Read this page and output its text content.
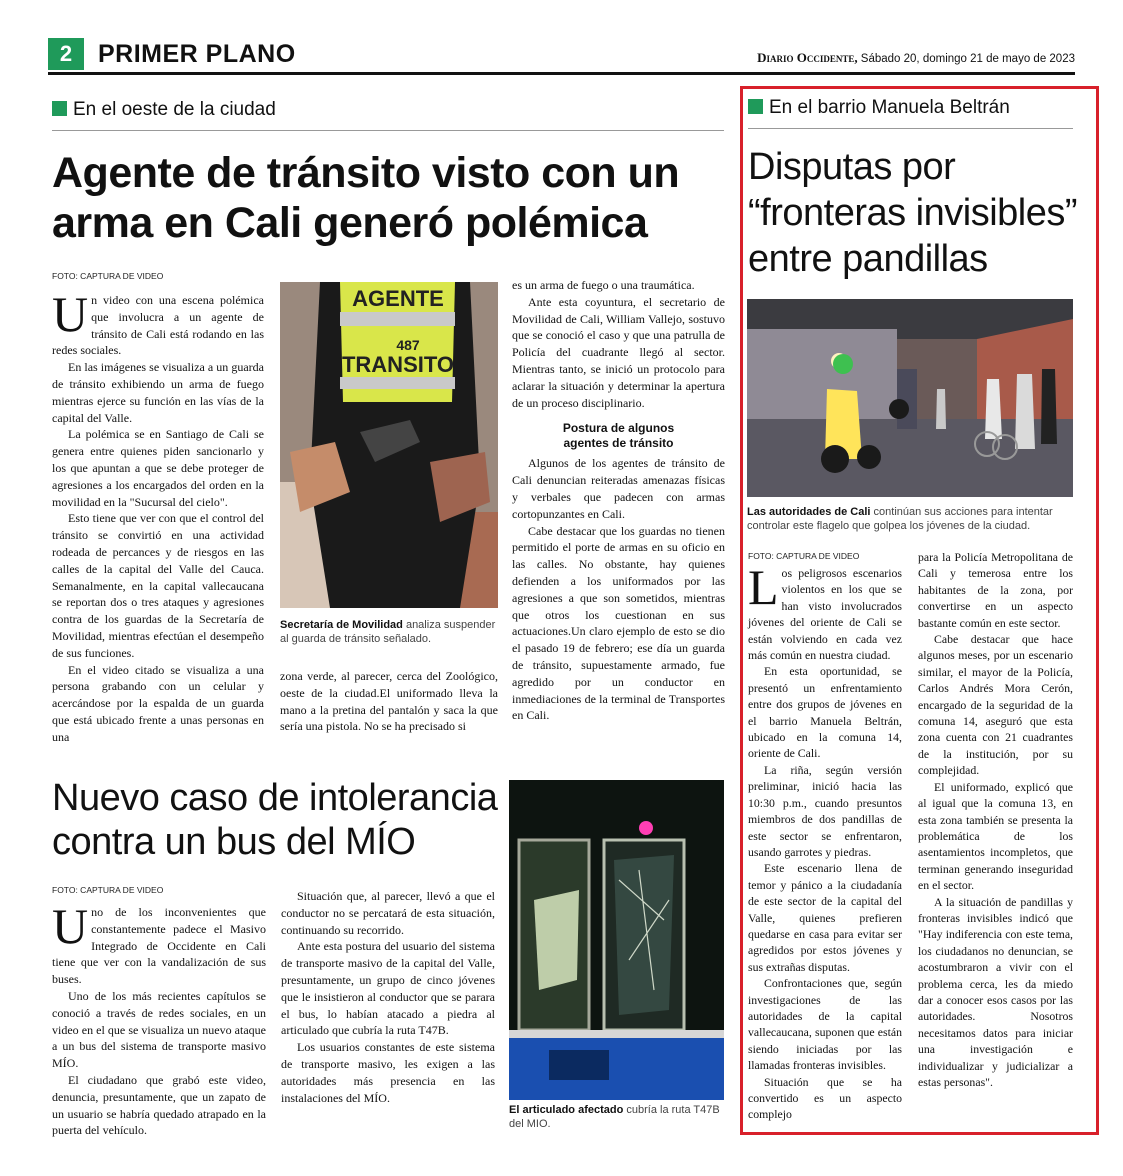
2	PRIMER PLANO	Diario Occidente, Sábado 20, domingo 21 de mayo de 2023
En el oeste de la ciudad
Agente de tránsito visto con un
arma en Cali generó polémica
FOTO: CAPTURA DE VIDEO

Un video con una escena polémica que involucra a un agente de tránsito de Cali está rodando en las redes sociales.

En las imágenes se visualiza a un guarda de tránsito exhibiendo un arma de fuego mientras ejerce su función en las vías de la capital del Valle.

La polémica se en Santiago de Cali se genera entre quienes piden sancionarlo y los que apuntan a que se debe proteger de agresiones a los encargados del orden en la movilidad en la "Sucursal del cielo".

Esto tiene que ver con que el control del tránsito se convirtió en una actividad rodeada de percances y de riesgos en las calles de la capital del Valle del Cauca. Semanalmente, en la capital vallecaucana se reportan dos o tres ataques y agresiones contra de los guardas de la Secretaría de Movilidad, mientras efectúan el desempeño de sus funciones.

En el video citado se visualiza a una persona grabando con un celular y acercándose por la espalda de un guarda que está ubicado frente a unas personas en una

AGENTE
487
TRANSITO
Secretaría de Movilidad analiza suspender al guarda de tránsito señalado.

zona verde, al parecer, cerca del Zoológico, oeste de la ciudad.El uniformado lleva la mano a la pretina del pantalón y saca la que sería una pistola. No se ha precisado si

es un arma de fuego o una traumática.

Ante esta coyuntura, el secretario de Movilidad de Cali, William Vallejo, sostuvo que se conoció el caso y que una patrulla de Policía del cuadrante llegó al sector. Mientras tanto, se inició un protocolo para aclarar la situación y determinar la apertura de un proceso disciplinario.

Postura de algunos
agentes de tránsito

Algunos de los agentes de tránsito de Cali denuncian reiteradas amenazas físicas y verbales que padecen con armas cortopunzantes en Cali.

Cabe destacar que los guardas no tienen permitido el porte de armas en su oficio en las calles. No obstante, hay quienes defienden a los uniformados por las agresiones a que son sometidos, mientras que otros los cuestionan en sus actuaciones.Un claro ejemplo de esto se dio el pasado 19 de febrero; ese día un guarda de tránsito, supuestamente armado, fue agredido por un conductor en inmediaciones de la terminal de Transportes en Cali.

Nuevo caso de intolerancia
contra un bus del MÍO
FOTO: CAPTURA DE VIDEO

Uno de los inconvenientes que constantemente padece el Masivo Integrado de Occidente en Cali tiene que ver con la vandalización de sus buses.

Uno de los más recientes capítulos se conoció a través de redes sociales, en un video en el que se visualiza un nuevo ataque a un bus del sistema de transporte masivo MÍO.

El ciudadano que grabó este video, denuncia, presuntamente, que un zapato de un usuario se habría quedado atrapado en la puerta del vehículo.

Situación que, al parecer, llevó a que el conductor no se percatará de esta situación, continuando su recorrido.

Ante esta postura del usuario del sistema de transporte masivo de la capital del Valle, presuntamente, un grupo de cinco jóvenes que le insistieron al conductor que se parara el bus, lo habían atacado a piedra al articulado que cubría la ruta T47B.

Los usuarios constantes de este sistema de transporte masivo, les exigen a las autoridades más presencia en las instalaciones del MÍO.

El articulado afectado cubría la ruta T47B del MIO.
En el barrio Manuela Beltrán
Disputas por
“fronteras invisibles”
entre pandillas
Las autoridades de Cali continúan sus acciones para intentar controlar este flagelo que golpea los jóvenes de la ciudad.
FOTO: CAPTURA DE VIDEO

Los peligrosos escenarios violentos en los que se han visto involucrados jóvenes del oriente de Cali se están volviendo en cada vez más común en nuestra ciudad.

En esta oportunidad, se presentó un enfrentamiento entre dos grupos de jóvenes en el barrio Manuela Beltrán, ubicado en la comuna 14, oriente de Cali.

La riña, según versión preliminar, inició hacia las 10:30 p.m., cuando presuntos miembros de dos pandillas de este sector se enfrentaron, usando garrotes y piedras.

Este escenario llena de temor y pánico a la ciudadanía de este sector de la capital del Valle, quienes prefieren quedarse en casa para evitar ser agredidos por estos jóvenes y sus extrañas disputas.

Confrontaciones que, según investigaciones de las autoridades de la capital vallecaucana, suponen que están siendo iniciadas por las llamadas fronteras invisibles.

Situación que se ha convertido es un aspecto complejo

para la Policía Metropolitana de Cali y temerosa entre los habitantes de la zona, por convertirse en un aspecto bastante común en este sector.

Cabe destacar que hace algunos meses, por un escenario similar, el mayor de la Policía, Carlos Andrés Mora Cerón, encargado de la seguridad de la comuna 14, aseguró que esta zona cuenta con 21 cuadrantes de la institución, por su complejidad.

El uniformado, explicó que al igual que la comuna 13, en esta zona también se presenta la problemática de los asentamientos incompletos, que terminan generando inseguridad en el sector.

A la situación de pandillas y fronteras invisibles indicó que "Hay indiferencia con este tema, los ciudadanos no denuncian, se acostumbraron a vivir con el problema cerca, les da miedo dar a conocer esos casos por las autoridades. Nosotros necesitamos datos para iniciar una investigación e individualizar y judicializar a estas personas".
